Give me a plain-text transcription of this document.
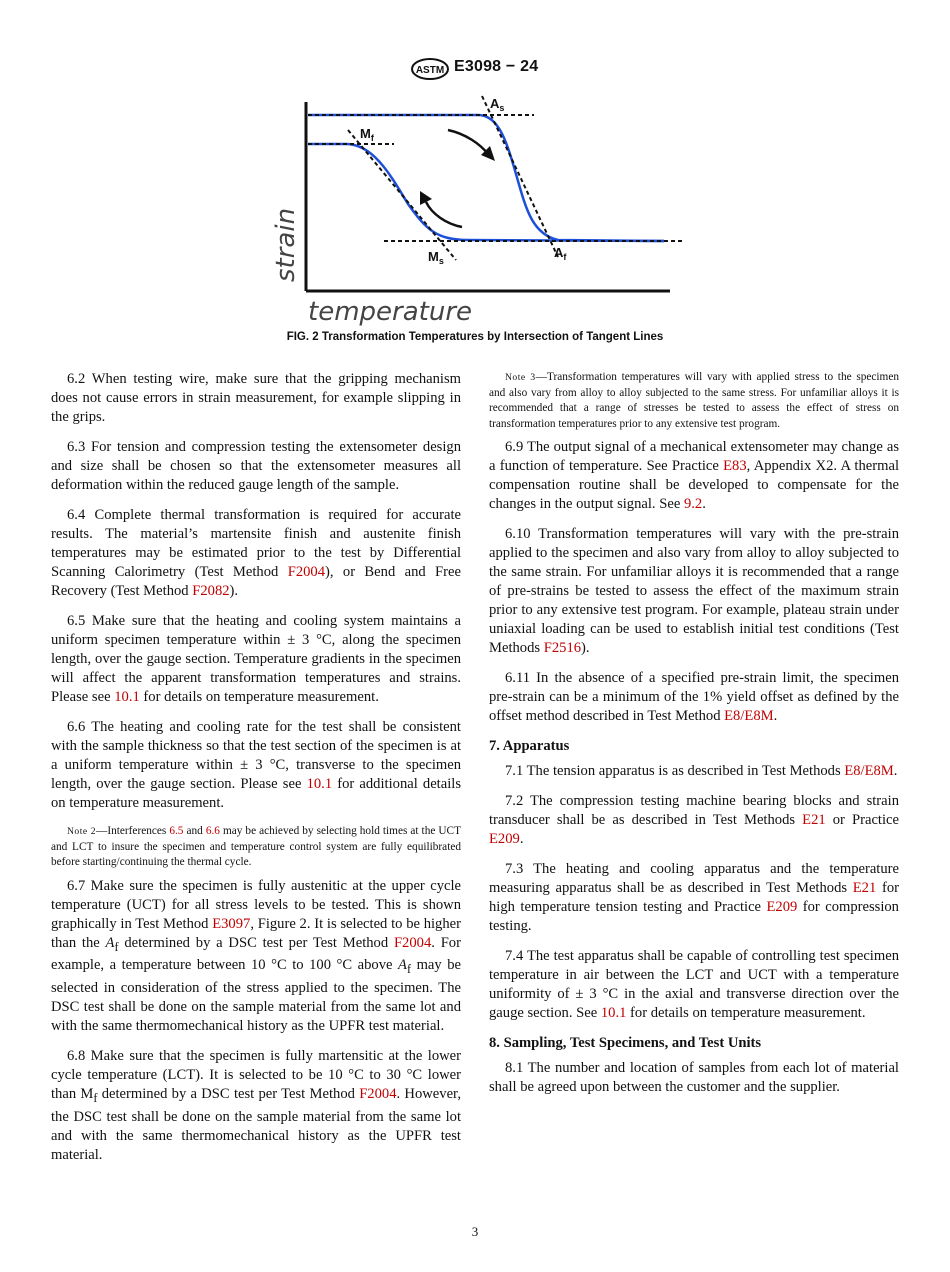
ASTM E3098 − 24
$A_s$
$M_f$
$A_f$
$M_s$
strain
temperature
FIG. 2 Transformation Temperatures by Intersection of Tangent Lines

6.2 When testing wire, make sure that the gripping mechanism does not cause errors in strain measurement, for example slipping in the grips.

6.3 For tension and compression testing the extensometer design and size shall be chosen so that the extensometer measures all deformation within the reduced gauge length of the sample.

6.4 Complete thermal transformation is required for accurate results. The material’s martensite finish and austenite finish temperatures may be estimated prior to the test by Differential Scanning Calorimetry (Test Method F2004), or Bend and Free Recovery (Test Method F2082).

6.5 Make sure that the heating and cooling system maintains a uniform specimen temperature within ± 3 °C, along the specimen length, over the gauge section. Temperature gradients in the specimen will affect the apparent transformation temperatures and strains. Please see 10.1 for details on temperature measurement.

6.6 The heating and cooling rate for the test shall be consistent with the sample thickness so that the test section of the specimen is at a uniform temperature within ± 3 °C, transverse to the specimen length, over the gauge section. Please see 10.1 for additional details on temperature measurement.

Note 2—Interferences 6.5 and 6.6 may be achieved by selecting hold times at the UCT and LCT to insure the specimen and temperature control system are fully equilibrated before starting/continuing the thermal cycle.

6.7 Make sure the specimen is fully austenitic at the upper cycle temperature (UCT) for all stress levels to be tested. This is shown graphically in Test Method E3097, Figure 2. It is selected to be higher than the $A_f$ determined by a DSC test per Test Method F2004. For example, a temperature between 10 °C to 100 °C above $A_f$ may be selected in consideration of the stress applied to the specimen. The DSC test shall be done on the sample material from the same lot and with the same thermomechanical history as the UPFR test material.

6.8 Make sure that the specimen is fully martensitic at the lower cycle temperature (LCT). It is selected to be 10 °C to 30 °C lower than $M_f$ determined by a DSC test per Test Method F2004. However, the DSC test shall be done on the sample material from the same lot and with the same thermomechanical history as the UPFR test material.

Note 3—Transformation temperatures will vary with applied stress to the specimen and also vary from alloy to alloy subjected to the same stress. For unfamiliar alloys it is recommended that a range of stresses be tested to assess the effect of stress on transformation temperatures prior to any extensive test program.

6.9 The output signal of a mechanical extensometer may change as a function of temperature. See Practice E83, Appendix X2. A thermal compensation routine shall be developed to compensate for the changes in the output signal. See 9.2.

6.10 Transformation temperatures will vary with the pre-strain applied to the specimen and also vary from alloy to alloy subjected to the same strain. For unfamiliar alloys it is recommended that a range of pre-strains be tested to assess the effect of the maximum strain prior to any extensive test program. For example, plateau strain under uniaxial loading can be used to establish initial test conditions (Test Methods F2516).

6.11 In the absence of a specified pre-strain limit, the specimen pre-strain can be a minimum of the 1% yield offset as defined by the offset method described in Test Method E8/E8M.

7. Apparatus

7.1 The tension apparatus is as described in Test Methods E8/E8M.

7.2 The compression testing machine bearing blocks and strain transducer shall be as described in Test Methods E21 or Practice E209.

7.3 The heating and cooling apparatus and the temperature measuring apparatus shall be as described in Test Methods E21 for high temperature tension testing and Practice E209 for compression testing.

7.4 The test apparatus shall be capable of controlling test specimen temperature in air between the LCT and UCT with a temperature uniformity of ± 3 °C in the axial and transverse direction over the gauge section. See 10.1 for details on temperature measurement.

8. Sampling, Test Specimens, and Test Units

8.1 The number and location of samples from each lot of material shall be agreed upon between the customer and the supplier.

3
